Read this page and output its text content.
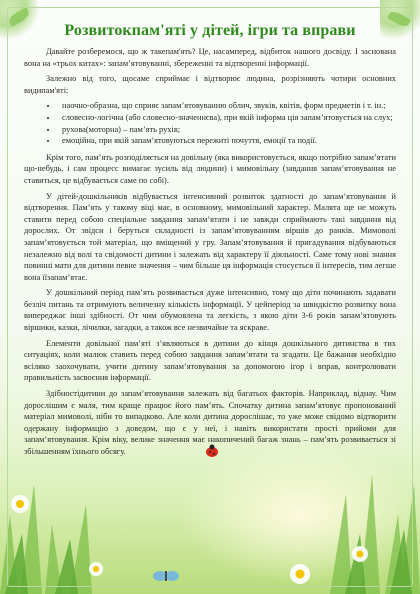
Розвитокпам'яті у дітей, ігри та вправи

Давайте розберемося, що ж такепам'ять? Це, насамперед, відбиток нашого досвіду. І заснована вона на «трьох китах»: запам’ятовуванні, збереженні та відтворенні інформації.

Залежно від того, щосаме сприймає і відтворює людина, розрізняють чотири основних видипам'яті:

• наочно-образна, що сприяє запам’ятовуванню облич, звуків, квітів, форм предметів і т. ін.;
• словесно-логічна (або словесно-значеннєва), при якій інформа ція запам’ятовується на слух;
• рухова(моторна) – пам’ять рухів;
• емоційна, при якій запам’ятовуються пережиті почуття, емоції та події.

Крім того, пам’ять розподіляється на довільну (яка використовується, якщо потрібно запам’ятати що-небудь, і сам процесс вимагає зусиль від людини) і мимовільну (завдання запам’ятовування не ставиться, це відбувається саме по собі).

У дітей-дошкільників відбувається інтенсивний розвиток здатності до запам’ятовування й відтворення. Пам’ять у такому віці має, в основному, мимовільний характер. Малята ще не можуть ставити перед собою спеціальне завдання запам’ятати і не завжди сприймають такі завдання від дорослих. От звідси і беруться складності із запам’ятовуванням віршів до ранків. Мимоволі запам’ятовується той матеріал, що вміщений у гру. Запам’ятовування й пригадування відбуваються незалежно від волі та свідомості дитини і залежать від характеру її діяльності. Саме тому нові знання повинні мати для дитини певне значення – чим більше ця інформація стосується її інтересів, тим легше вона їїзапам’ятає.

У дошкільний період пам’ять розвивається дуже інтенсивно, тому що діти починають задавати безліч питань та отримують величезну кількість інформації. У цейперiод за швидкістю розвитку вона випереджає інші здібності. От чим обумовлена та легкість, з якою діти 3-6 років запам’ятовують віршики, казки, лічилки, загадки, а також все незвичайне та яскраве.

Елементи довільної пам’яті з’являються в дитини до кінця дошкільного дитинства в тих ситуаціях, коли малюк ставить перед собою завдання запам’ятати та згадати. Це бажання необхідно всіляко заохочувати, учити дитину запам’ятовування за допомогою ігор і вправ, контролювати правильність засвоєння інформації.

Здібностідитини до запам’ятовування залежать від багатьох факторів. Наприклад, віднау. Чим дорослішим є маля, тим краще працює його пам’ять. Спочатку дитина запам’ятовує пропонований матеріал мимоволі, ніби то випадково. Але коли дитина дорослішає, то уже може свідомо відтворити одержану інформацію з доведом, що є у неї, і навіть використати прості прийоми для запам’ятовування. Крім віку, велике значення має накопичений багаж знань – пам’ять розвивається зі збільшенням їхнього обсягу.
